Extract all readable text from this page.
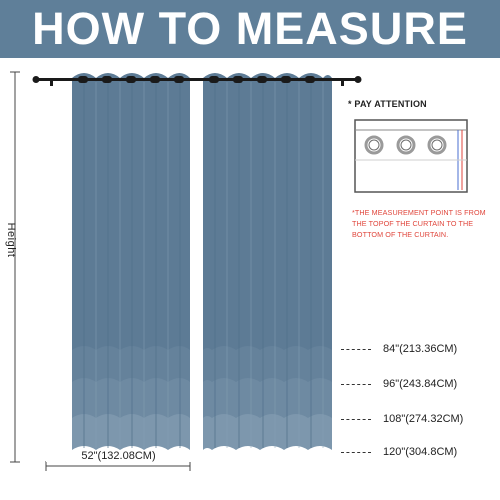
HOW TO MEASURE
Height
52"(132.08CM)
* PAY ATTENTION
*THE MEASUREMENT POINT IS FROM THE TOPOF THE CURTAIN TO THE BOTTOM OF THE CURTAIN.
84"(213.36CM)
96"(243.84CM)
108"(274.32CM)
120"(304.8CM)
